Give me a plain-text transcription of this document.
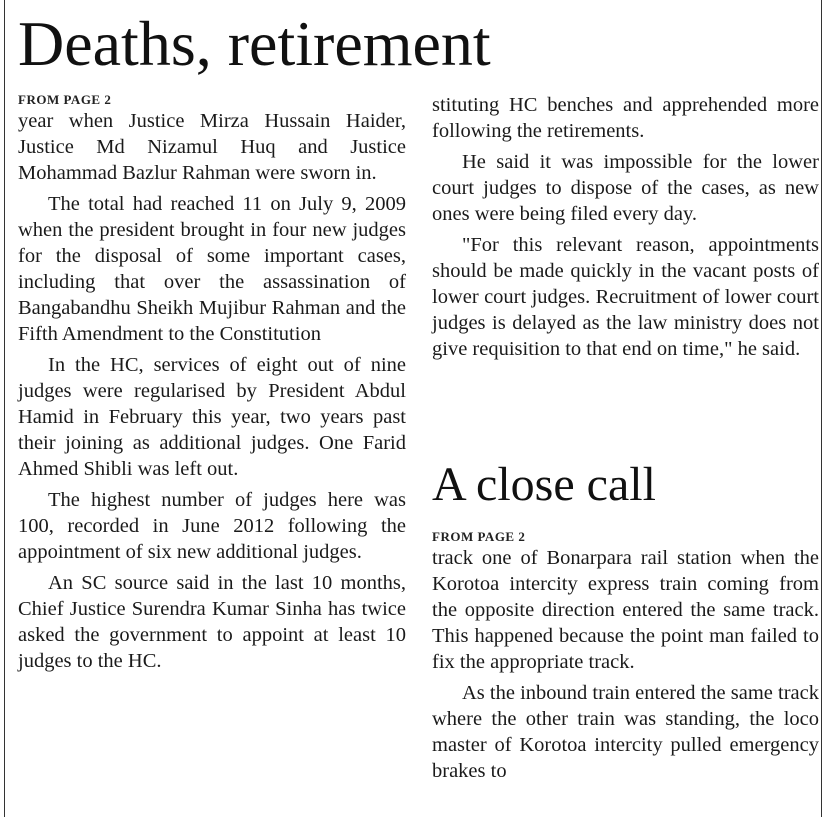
Deaths, retirement

FROM PAGE 2

year when Justice Mirza Hussain Haider, Justice Md Nizamul Huq and Justice Mohammad Bazlur Rahman were sworn in.

The total had reached 11 on July 9, 2009 when the president brought in four new judges for the disposal of some important cases, including that over the assassination of Bangabandhu Sheikh Mujibur Rahman and the Fifth Amendment to the Constitution

In the HC, services of eight out of nine judges were regularised by President Abdul Hamid in February this year, two years past their joining as additional judges. One Farid Ahmed Shibli was left out.

The highest number of judges here was 100, recorded in June 2012 following the appointment of six new additional judges.

An SC source said in the last 10 months, Chief Justice Surendra Kumar Sinha has twice asked the government to appoint at least 10 judges to the HC.

stituting HC benches and apprehended more following the retirements.

He said it was impossible for the lower court judges to dispose of the cases, as new ones were being filed every day.

"For this relevant reason, appointments should be made quickly in the vacant posts of lower court judges. Recruitment of lower court judges is delayed as the law ministry does not give requisition to that end on time," he said.

A close call

FROM PAGE 2

track one of Bonarpara rail station when the Korotoa intercity express train coming from the opposite direction entered the same track. This happened because the point man failed to fix the appropriate track.

As the inbound train entered the same track where the other train was standing, the loco master of Korotoa intercity pulled emergency brakes to
